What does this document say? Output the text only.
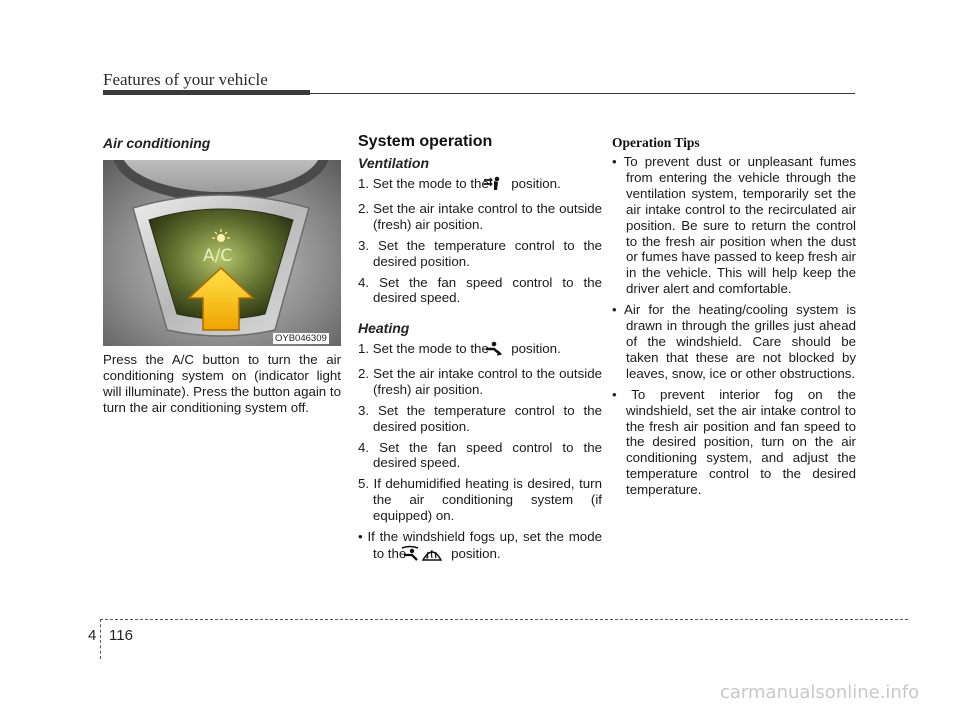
Features of your vehicle
Air conditioning
A/C
OYB046309
Press the A/C button to turn the air conditioning system on (indicator light will illuminate). Press the button again to turn the air conditioning system off.
System operation
Ventilation
1. Set the mode to the position.
2. Set the air intake control to the outside (fresh) air position.
3. Set the temperature control to the desired position.
4. Set the fan speed control to the desired speed.
Heating
1. Set the mode to the position.
2. Set the air intake control to the outside (fresh) air position.
3. Set the temperature control to the desired position.
4. Set the fan speed control to the desired speed.
5. If dehumidified heating is desired, turn the air conditioning system (if equipped) on.
• If the windshield fogs up, set the mode to the , position.
Operation Tips
• To prevent dust or unpleasant fumes from entering the vehicle through the ventilation system, temporarily set the air intake control to the recirculated air position. Be sure to return the control to the fresh air position when the dust or fumes have passed to keep fresh air in the vehicle. This will help keep the driver alert and comfortable.
• Air for the heating/cooling system is drawn in through the grilles just ahead of the windshield. Care should be taken that these are not blocked by leaves, snow, ice or other obstructions.
• To prevent interior fog on the windshield, set the air intake control to the fresh air position and fan speed to the desired position, turn on the air conditioning system, and adjust the temperature control to the desired temperature.
4 116
carmanualsonline.info
